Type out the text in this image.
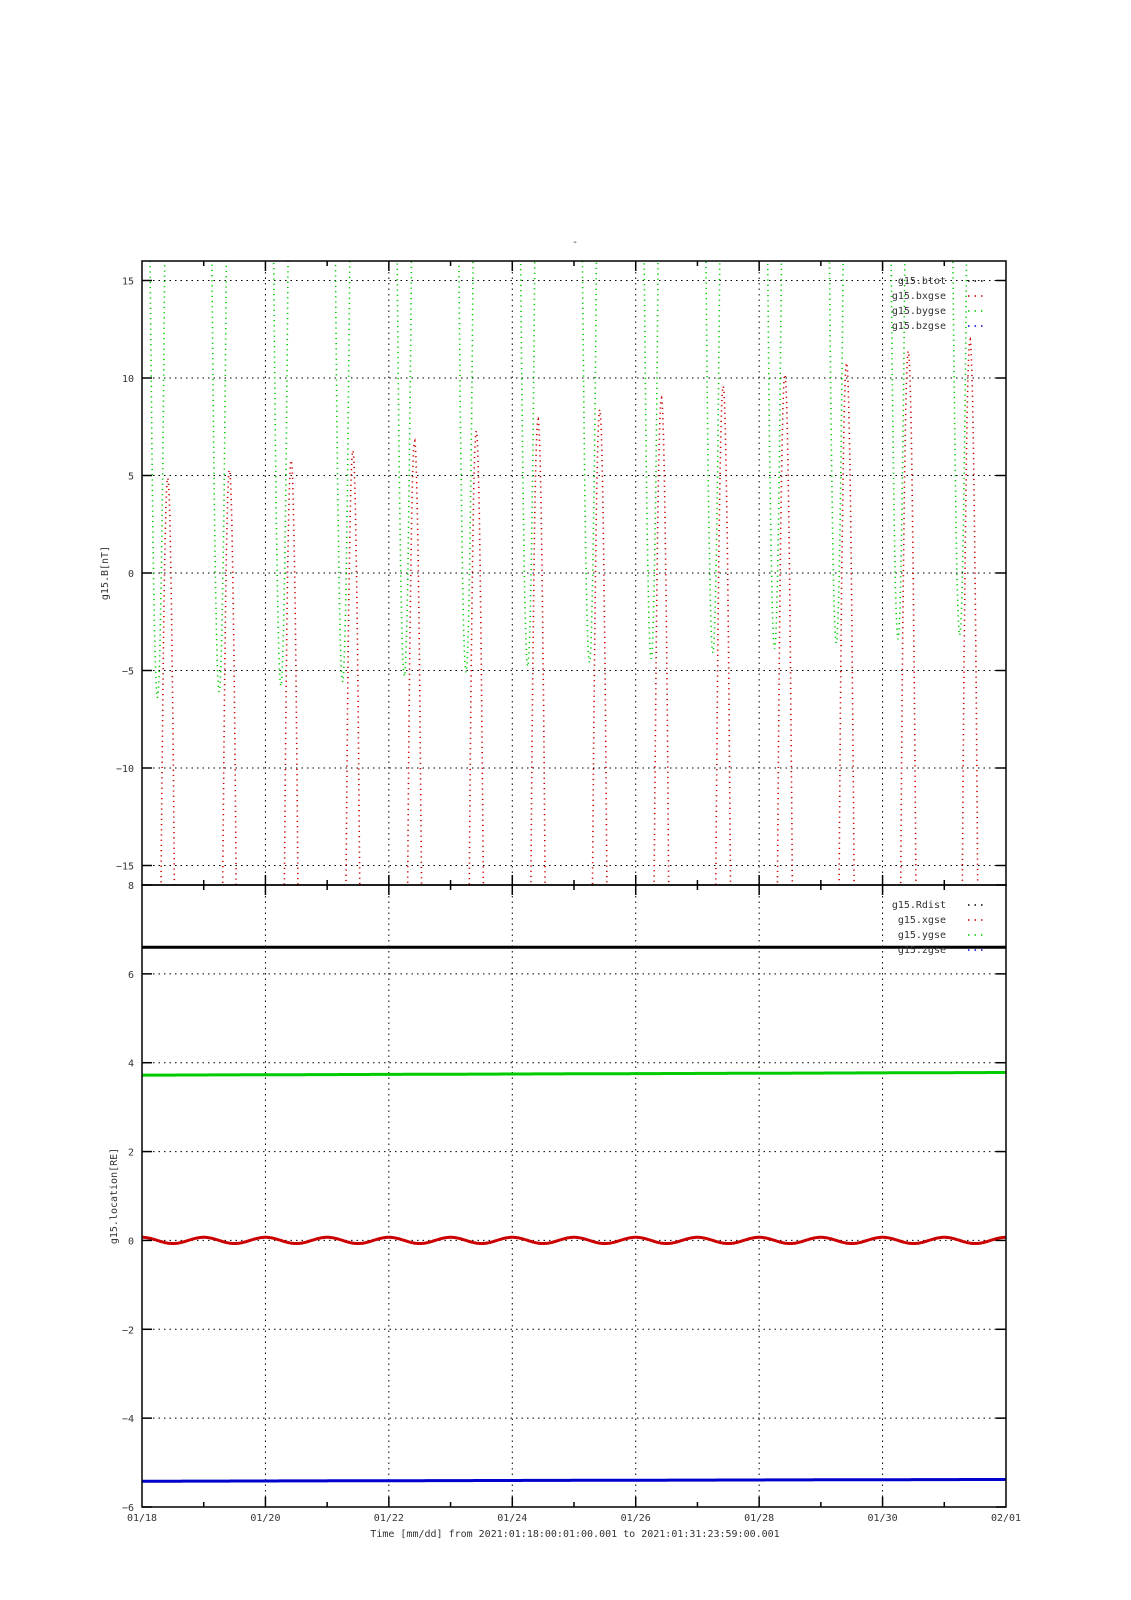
-
−15
−10
−5
0
5
10
15
g15.B[nT]
g15.btot
g15.bxgse
g15.bygse
g15.bzgse
−6
−4
−2
0
2
4
6
8
g15.location[RE]
g15.Rdist
g15.xgse
g15.ygse
g15.zgse
01/18	01/20	01/22	01/24	01/26	01/28	01/30	02/01
Time [mm/dd] from 2021:01:18:00:01:00.001 to 2021:01:31:23:59:00.001
